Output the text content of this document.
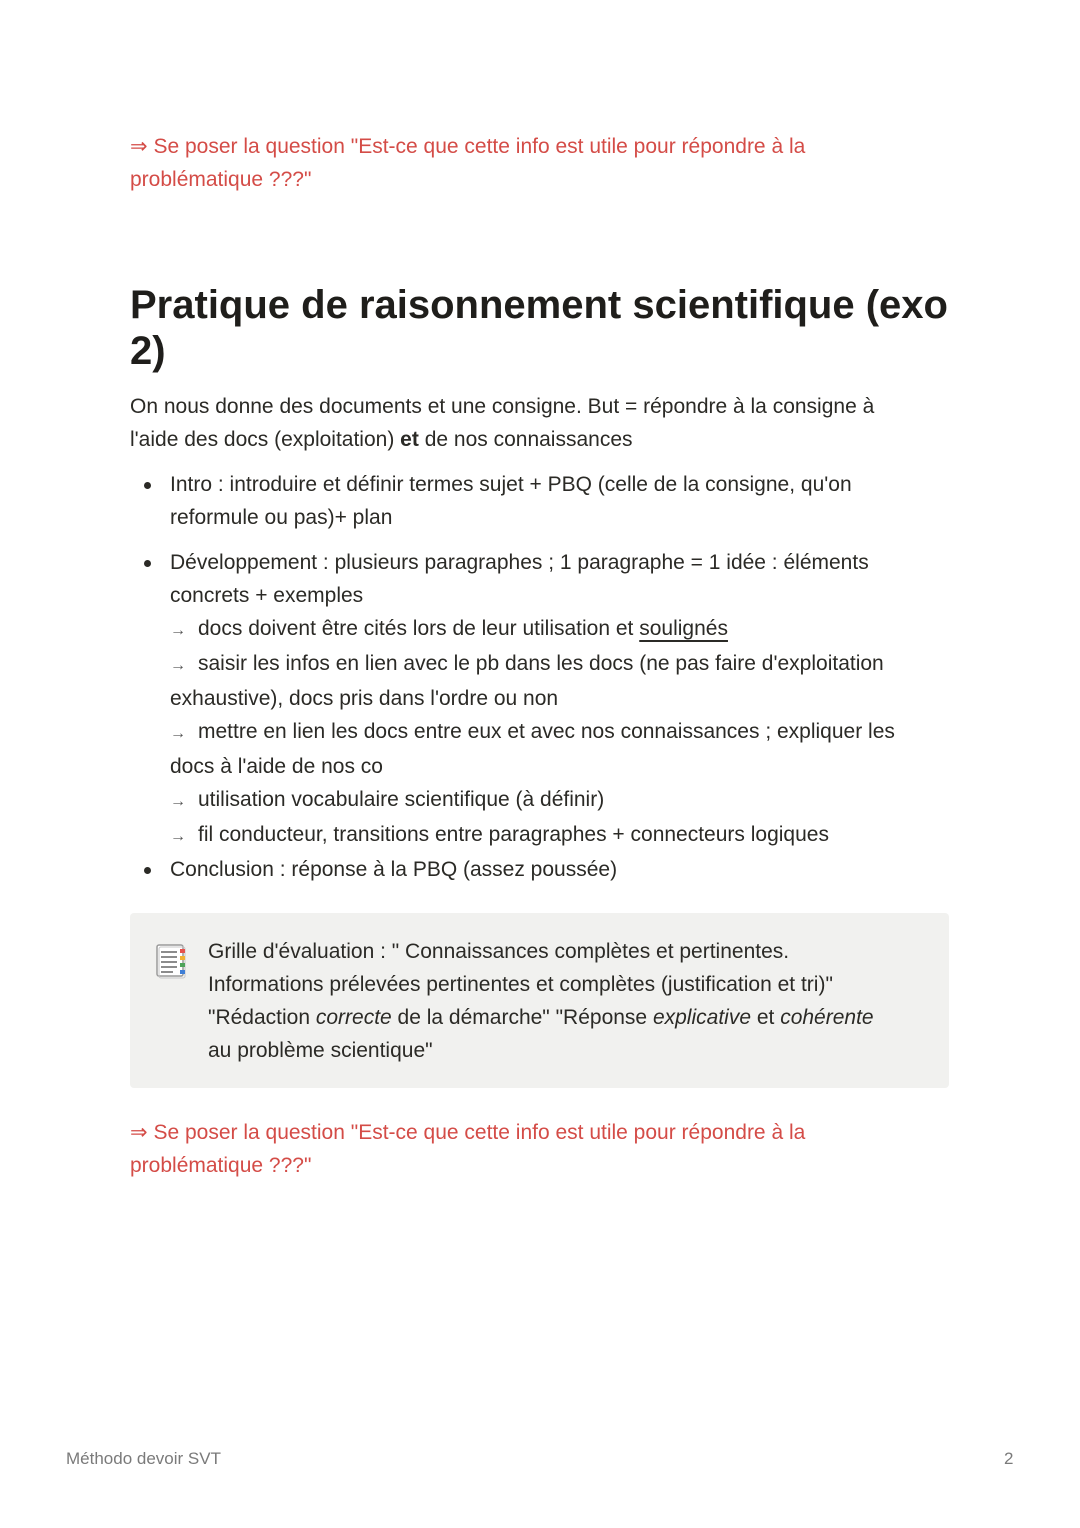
⇒ Se poser la question "Est-ce que cette info est utile pour répondre à la
problématique ???"
Pratique de raisonnement scientifique (exo
2)
On nous donne des documents et une consigne. But = répondre à la consigne à
l'aide des docs (exploitation) et de nos connaissances
Intro : introduire et définir termes sujet + PBQ (celle de la consigne, qu'on
reformule ou pas)+ plan
Développement : plusieurs paragraphes ; 1 paragraphe = 1 idée : éléments
concrets + exemples
→ docs doivent être cités lors de leur utilisation et soulignés
→ saisir les infos en lien avec le pb dans les docs (ne pas faire d'exploitation
exhaustive), docs pris dans l'ordre ou non
→ mettre en lien les docs entre eux et avec nos connaissances ; expliquer les
docs à l'aide de nos co
→ utilisation vocabulaire scientifique (à définir)
→ fil conducteur, transitions entre paragraphes + connecteurs logiques
Conclusion : réponse à la PBQ (assez poussée)
Grille d'évaluation : " Connaissances complètes et pertinentes.
Informations prélevées pertinentes et complètes (justification et tri)"
"Rédaction correcte de la démarche" "Réponse explicative et cohérente
au problème scientique"
⇒ Se poser la question "Est-ce que cette info est utile pour répondre à la
problématique ???"
Méthodo devoir SVT	2
